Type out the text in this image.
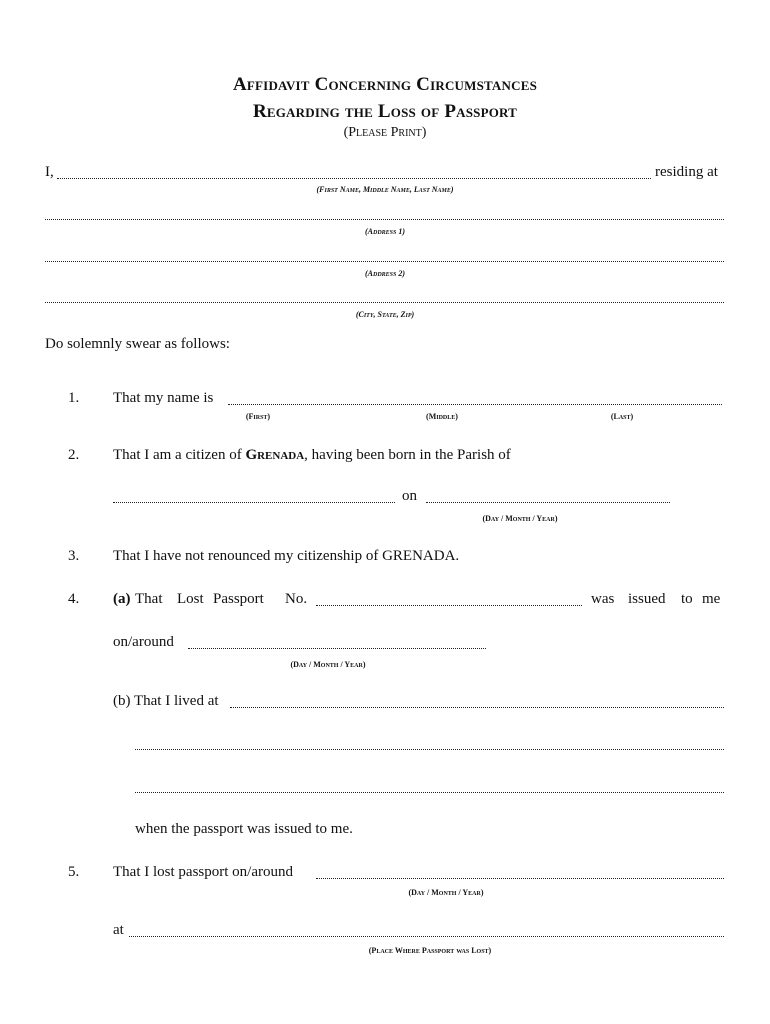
Affidavit Concerning Circumstances
Regarding the Loss of Passport
(Please Print)
I,	residing at
(First Name, Middle Name, Last Name)
(Address 1)
(Address 2)
(City, State, Zip)
Do solemnly swear as follows:
1.	That my name is
(First)	(Middle)	(Last)
2.	That I am a citizen of Grenada, having been born in the Parish of
on
(Day / Month / Year)
3.	That I have not renounced my citizenship of GRENADA.
4.	(a) That Lost Passport No.	was issued to me
on/around
(Day / Month / Year)
(b) That I lived at
when the passport was issued to me.
5.	That I lost passport on/around
(Day / Month / Year)
at
(Place Where Passport was Lost)
